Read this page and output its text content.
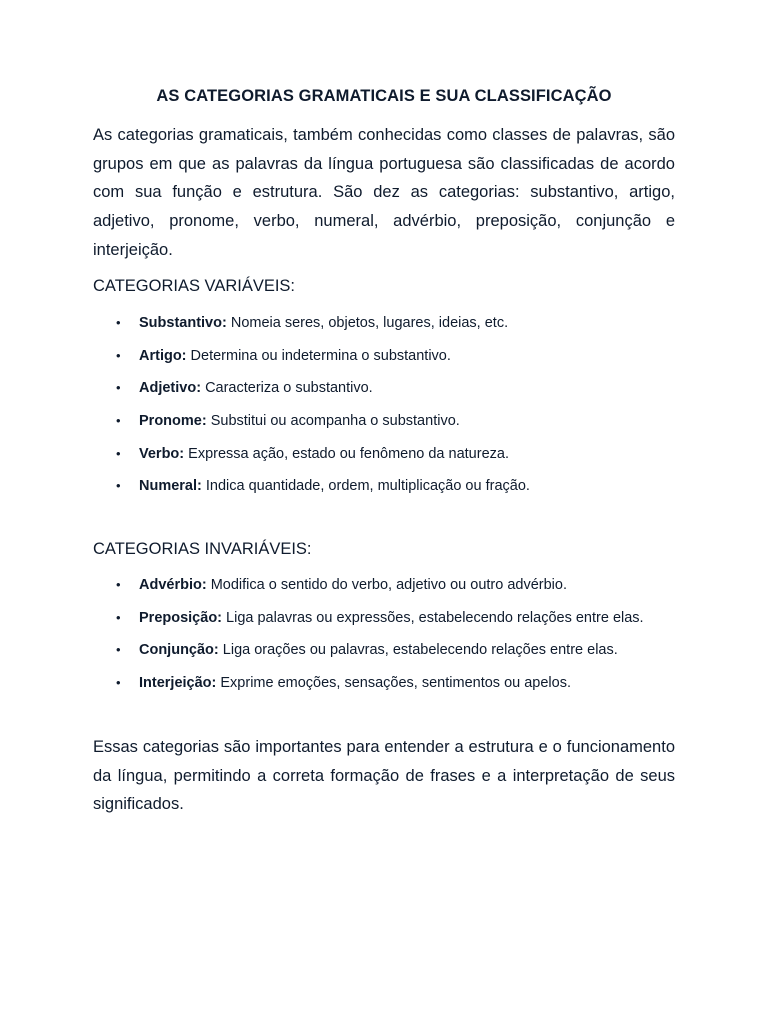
AS CATEGORIAS GRAMATICAIS E SUA CLASSIFICAÇÃO
As categorias gramaticais, também conhecidas como classes de palavras, são grupos em que as palavras da língua portuguesa são classificadas de acordo com sua função e estrutura. São dez as categorias: substantivo, artigo, adjetivo, pronome, verbo, numeral, advérbio, preposição, conjunção e interjeição.
CATEGORIAS VARIÁVEIS:
• Substantivo: Nomeia seres, objetos, lugares, ideias, etc.
• Artigo: Determina ou indetermina o substantivo.
• Adjetivo: Caracteriza o substantivo.
• Pronome: Substitui ou acompanha o substantivo.
• Verbo: Expressa ação, estado ou fenômeno da natureza.
• Numeral: Indica quantidade, ordem, multiplicação ou fração.
CATEGORIAS INVARIÁVEIS:
• Advérbio: Modifica o sentido do verbo, adjetivo ou outro advérbio.
• Preposição: Liga palavras ou expressões, estabelecendo relações entre elas.
• Conjunção: Liga orações ou palavras, estabelecendo relações entre elas.
• Interjeição: Exprime emoções, sensações, sentimentos ou apelos.
Essas categorias são importantes para entender a estrutura e o funcionamento da língua, permitindo a correta formação de frases e a interpretação de seus significados.
